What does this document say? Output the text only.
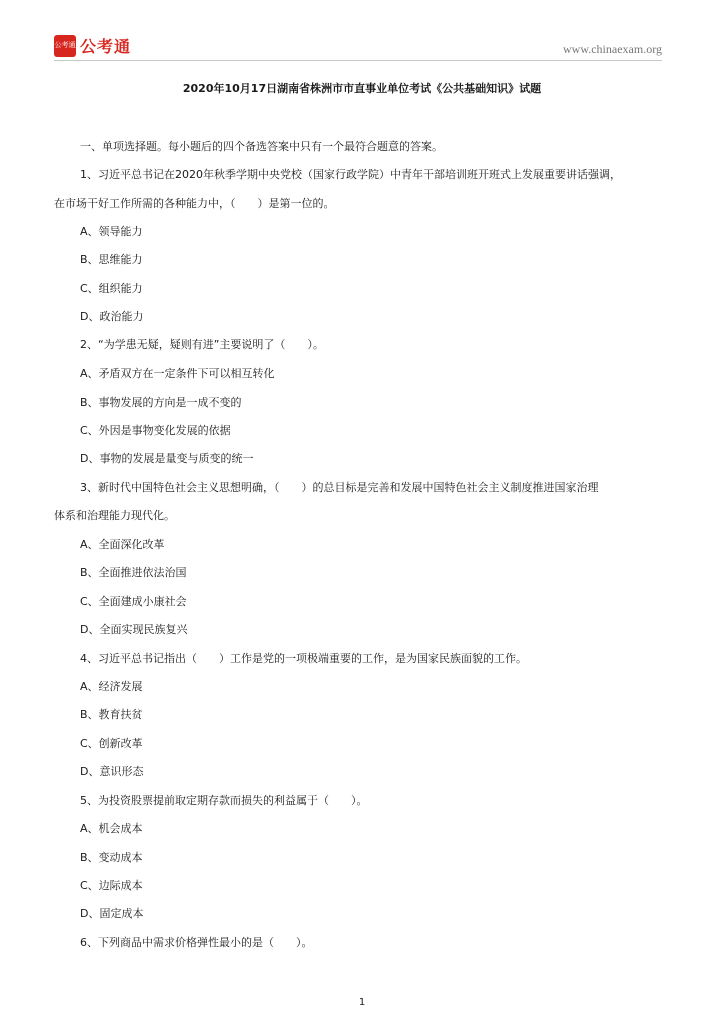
公考通 公考通	www.chinaexam.org
2020年10月17日湖南省株洲市市直事业单位考试《公共基础知识》试题
一、单项选择题。每小题后的四个备选答案中只有一个最符合题意的答案。
1、习近平总书记在2020年秋季学期中央党校（国家行政学院）中青年干部培训班开班式上发展重要讲话强调，
在市场干好工作所需的各种能力中，（　　）是第一位的。
A、领导能力
B、思维能力
C、组织能力
D、政治能力
2、“为学患无疑，疑则有进”主要说明了（　　）。
A、矛盾双方在一定条件下可以相互转化
B、事物发展的方向是一成不变的
C、外因是事物变化发展的依据
D、事物的发展是量变与质变的统一
3、新时代中国特色社会主义思想明确，（　　）的总目标是完善和发展中国特色社会主义制度推进国家治理
体系和治理能力现代化。
A、全面深化改革
B、全面推进依法治国
C、全面建成小康社会
D、全面实现民族复兴
4、习近平总书记指出（　　）工作是党的一项极端重要的工作，是为国家民族面貌的工作。
A、经济发展
B、教育扶贫
C、创新改革
D、意识形态
5、为投资股票提前取定期存款而损失的利益属于（　　）。
A、机会成本
B、变动成本
C、边际成本
D、固定成本
6、下列商品中需求价格弹性最小的是（　　）。
1
